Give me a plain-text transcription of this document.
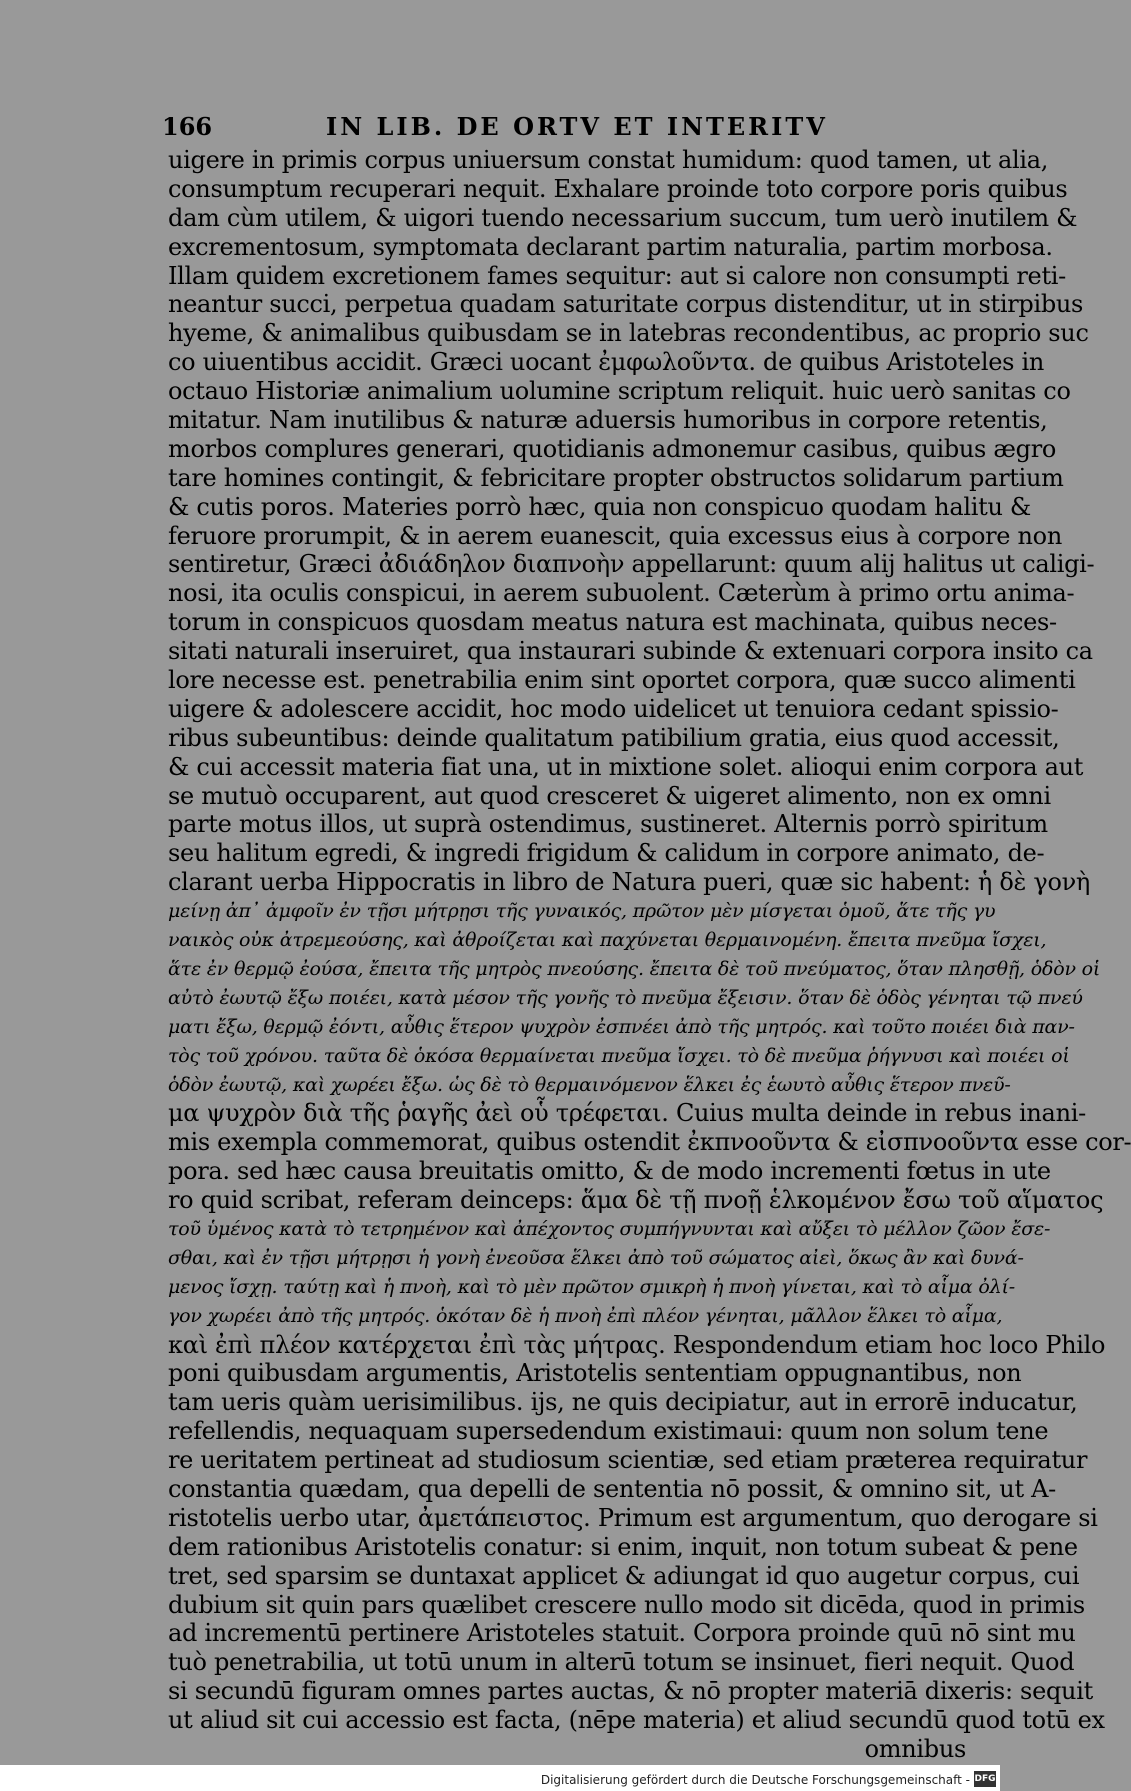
166	IN LIB. DE ORTV ET INTERITV
uigere in primis corpus uniuersum constat humidum: quod tamen, ut alia,
consumptum recuperari nequit. Exhalare proinde toto corpore poris quibus
dam cùm utilem, & uigori tuendo necessarium succum, tum uerò inutilem &
excrementosum, symptomata declarant partim naturalia, partim morbosa.
Illam quidem excretionem fames sequitur: aut si calore non consumpti reti-
neantur succi, perpetua quadam saturitate corpus distenditur, ut in stirpibus
hyeme, & animalibus quibusdam se in latebras recondentibus, ac proprio suc
co uiuentibus accidit. Græci uocant ἐμφωλοῦντα. de quibus Aristoteles in
octauo Historiæ animalium uolumine scriptum reliquit. huic uerò sanitas co
mitatur. Nam inutilibus & naturæ aduersis humoribus in corpore retentis,
morbos complures generari, quotidianis admonemur casibus, quibus ægro
tare homines contingit, & febricitare propter obstructos solidarum partium
& cutis poros. Materies porrò hæc, quia non conspicuo quodam halitu &
feruore prorumpit, & in aerem euanescit, quia excessus eius à corpore non
sentiretur, Græci ἀδιάδηλον διαπνοὴν appellarunt: quum alij halitus ut caligi-
nosi, ita oculis conspicui, in aerem subuolent. Cæterùm à primo ortu anima-
torum in conspicuos quosdam meatus natura est machinata, quibus neces-
sitati naturali inseruiret, qua instaurari subinde & extenuari corpora insito ca
lore necesse est. penetrabilia enim sint oportet corpora, quæ succo alimenti
uigere & adolescere accidit, hoc modo uidelicet ut tenuiora cedant spissio-
ribus subeuntibus: deinde qualitatum patibilium gratia, eius quod accessit,
& cui accessit materia fiat una, ut in mixtione solet. alioqui enim corpora aut
se mutuò occuparent, aut quod cresceret & uigeret alimento, non ex omni
parte motus illos, ut suprà ostendimus, sustineret. Alternis porrò spiritum
seu halitum egredi, & ingredi frigidum & calidum in corpore animato, de-
clarant uerba Hippocratis in libro de Natura pueri, quæ sic habent: ἡ δὲ γονὴ
μείνῃ ἀπ᾽ ἀμφοῖν ἐν τῇσι μήτρῃσι τῆς γυναικός, πρῶτον μὲν μίσγεται ὁμοῦ, ἅτε τῆς γυ
ναικὸς οὐκ ἀτρεμεούσης, καὶ ἀθροίζεται καὶ παχύνεται θερμαινομένη. ἔπειτα πνεῦμα ἴσχει,
ἅτε ἐν θερμῷ ἐούσα, ἔπειτα τῆς μητρὸς πνεούσης. ἔπειτα δὲ τοῦ πνεύματος, ὅταν πλησθῇ, ὁδὸν οἱ
αὐτὸ ἐωυτῷ ἔξω ποιέει, κατὰ μέσον τῆς γονῆς τὸ πνεῦμα ἔξεισιν. ὅταν δὲ ὁδὸς γένηται τῷ πνεύ
ματι ἔξω, θερμῷ ἐόντι, αὖθις ἕτερον ψυχρὸν ἐσπνέει ἀπὸ τῆς μητρός. καὶ τοῦτο ποιέει διὰ παν-
τὸς τοῦ χρόνου. ταῦτα δὲ ὁκόσα θερμαίνεται πνεῦμα ἴσχει. τὸ δὲ πνεῦμα ῥήγνυσι καὶ ποιέει οἱ
ὁδὸν ἐωυτῷ, καὶ χωρέει ἔξω. ὡς δὲ τὸ θερμαινόμενον ἕλκει ἐς ἑωυτὸ αὖθις ἕτερον πνεῦ-
μα ψυχρὸν διὰ τῆς ῥαγῆς ἀεὶ οὗ τρέφεται. Cuius multa deinde in rebus inani-
mis exempla commemorat, quibus ostendit ἐκπνοοῦντα & εἰσπνοοῦντα esse cor-
pora. sed hæc causa breuitatis omitto, & de modo incrementi fœtus in ute
ro quid scribat, referam deinceps: ἅμα δὲ τῇ πνοῇ ἑλκομένον ἔσω τοῦ αἵματος
τοῦ ὑμένος κατὰ τὸ τετρημένον καὶ ἀπέχοντος συμπήγνυνται καὶ αὔξει τὸ μέλλον ζῶον ἔσε-
σθαι, καὶ ἐν τῇσι μήτρῃσι ἡ γονὴ ἐνεοῦσα ἕλκει ἀπὸ τοῦ σώματος αἰεὶ, ὅκως ἂν καὶ δυνά-
μενος ἴσχῃ. ταύτῃ καὶ ἡ πνοὴ, καὶ τὸ μὲν πρῶτον σμικρὴ ἡ πνοὴ γίνεται, καὶ τὸ αἷμα ὀλί-
γον χωρέει ἀπὸ τῆς μητρός. ὁκόταν δὲ ἡ πνοὴ ἐπὶ πλέον γένηται, μᾶλλον ἕλκει τὸ αἷμα,
καὶ ἐπὶ πλέον κατέρχεται ἐπὶ τὰς μήτρας. Respondendum etiam hoc loco Philo
poni quibusdam argumentis, Aristotelis sententiam oppugnantibus, non
tam ueris quàm uerisimilibus. ijs, ne quis decipiatur, aut in errorē inducatur,
refellendis, nequaquam supersedendum existimaui: quum non solum tene
re ueritatem pertineat ad studiosum scientiæ, sed etiam præterea requiratur
constantia quædam, qua depelli de sententia nō possit, & omnino sit, ut A-
ristotelis uerbo utar, ἀμετάπειστος. Primum est argumentum, quo derogare si
dem rationibus Aristotelis conatur: si enim, inquit, non totum subeat & pene
tret, sed sparsim se duntaxat applicet & adiungat id quo augetur corpus, cui
dubium sit quin pars quælibet crescere nullo modo sit dicēda, quod in primis
ad incrementū pertinere Aristoteles statuit. Corpora proinde quū nō sint mu
tuò penetrabilia, ut totū unum in alterū totum se insinuet, fieri nequit. Quod
si secundū figuram omnes partes auctas, & nō propter materiā dixeris: sequit
ut aliud sit cui accessio est facta, (nēpe materia) et aliud secundū quod totū ex
omnibus
Digitalisierung gefördert durch die Deutsche Forschungsgemeinschaft - DFG
